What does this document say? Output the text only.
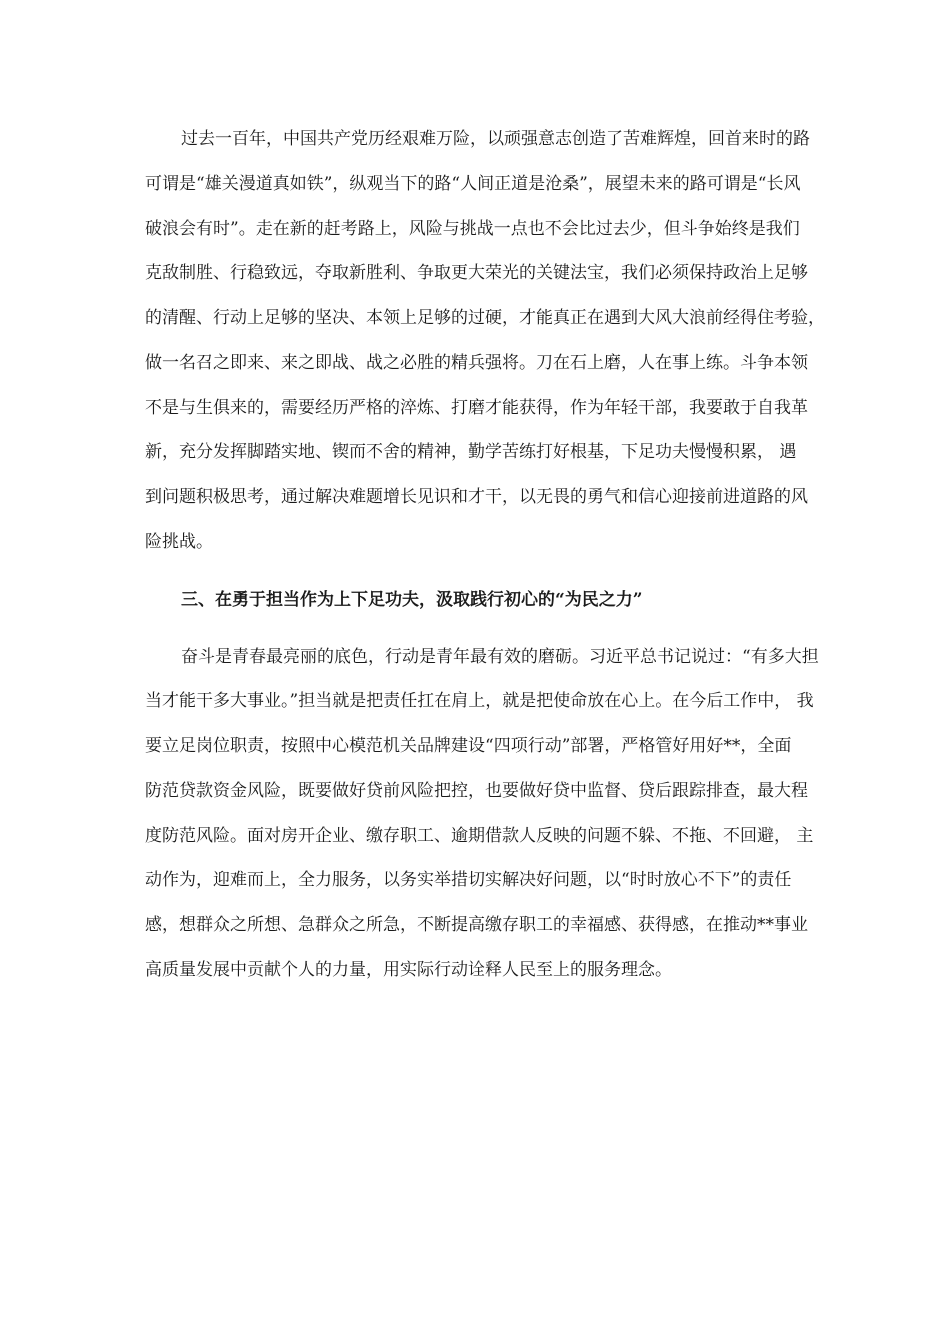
过去一百年，中国共产党历经艰难万险，以顽强意志创造了苦难辉煌，回首来时的路
可谓是“雄关漫道真如铁”，纵观当下的路“人间正道是沧桑”，展望未来的路可谓是“长风
破浪会有时”。走在新的赶考路上，风险与挑战一点也不会比过去少，但斗争始终是我们
克敌制胜、行稳致远，夺取新胜利、争取更大荣光的关键法宝，我们必须保持政治上足够
的清醒、行动上足够的坚决、本领上足够的过硬，才能真正在遇到大风大浪前经得住考验，
做一名召之即来、来之即战、战之必胜的精兵强将。刀在石上磨，人在事上练。斗争本领
不是与生俱来的，需要经历严格的淬炼、打磨才能获得，作为年轻干部，我要敢于自我革
新，充分发挥脚踏实地、锲而不舍的精神，勤学苦练打好根基，下足功夫慢慢积累， 遇
到问题积极思考，通过解决难题增长见识和才干，以无畏的勇气和信心迎接前进道路的风
险挑战。
三、在勇于担当作为上下足功夫，汲取践行初心的“为民之力”
奋斗是青春最亮丽的底色，行动是青年最有效的磨砺。习近平总书记说过：“有多大担
当才能干多大事业。”担当就是把责任扛在肩上，就是把使命放在心上。在今后工作中， 我
要立足岗位职责，按照中心模范机关品牌建设“四项行动”部署，严格管好用好**，全面
防范贷款资金风险，既要做好贷前风险把控，也要做好贷中监督、贷后跟踪排查，最大程
度防范风险。面对房开企业、缴存职工、逾期借款人反映的问题不躲、不拖、不回避， 主
动作为，迎难而上，全力服务，以务实举措切实解决好问题，以“时时放心不下”的责任
感，想群众之所想、急群众之所急，不断提高缴存职工的幸福感、获得感，在推动**事业
高质量发展中贡献个人的力量，用实际行动诠释人民至上的服务理念。
